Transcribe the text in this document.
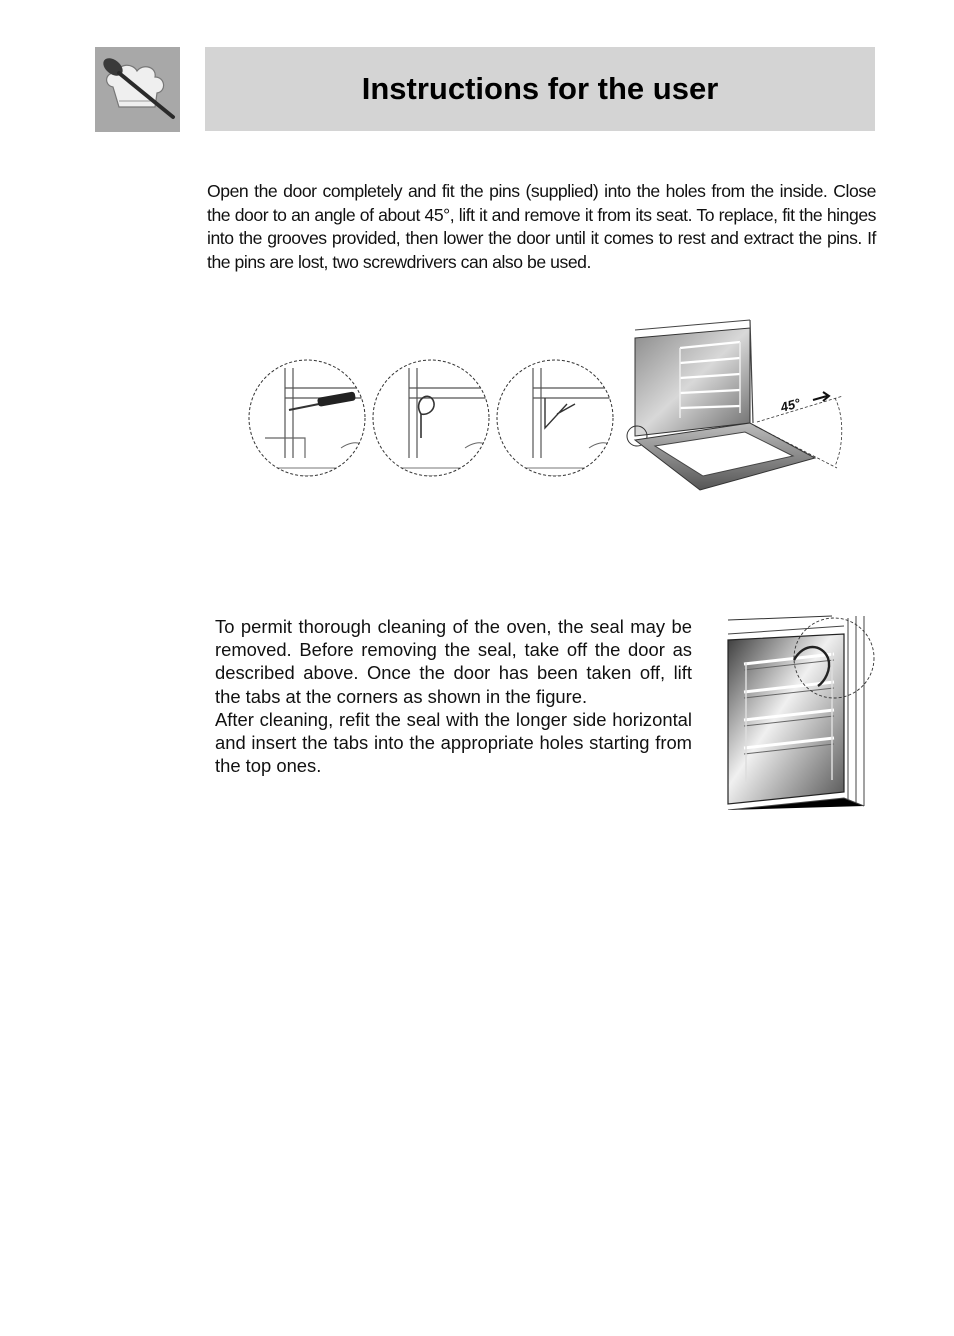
Instructions for the user

Open the door completely and fit the pins (supplied) into the holes from the inside. Close the door to an angle of about 45°, lift it and remove it from its seat. To replace, fit the hinges into the grooves provided, then lower the door until it comes to rest and extract the pins. If the pins are lost, two screwdrivers can also be used.

45°

To permit thorough cleaning of the oven, the seal may be removed. Before removing the seal, take off the door as described above. Once the door has been taken off, lift the tabs at the corners as shown in the figure.

After cleaning, refit the seal with the longer side horizontal and insert the tabs into the appropriate holes starting from the top ones.
